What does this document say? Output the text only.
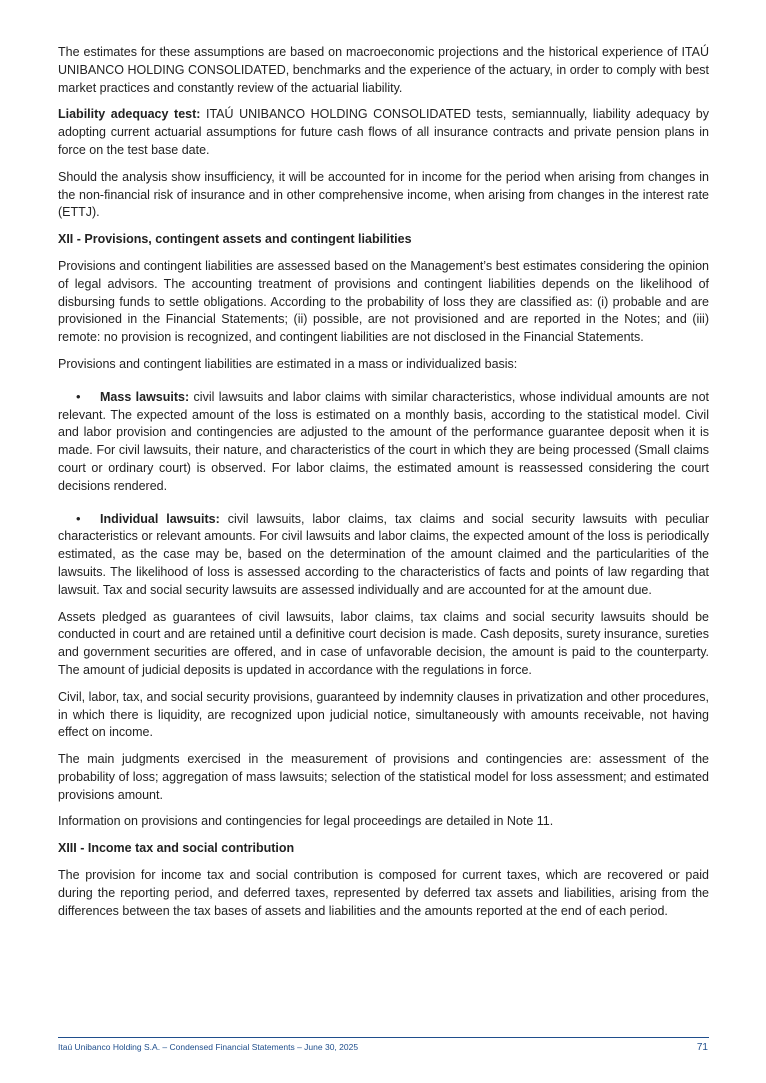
The estimates for these assumptions are based on macroeconomic projections and the historical experience of ITAÚ UNIBANCO HOLDING CONSOLIDATED, benchmarks and the experience of the actuary, in order to comply with best market practices and constantly review of the actuarial liability.

Liability adequacy test: ITAÚ UNIBANCO HOLDING CONSOLIDATED tests, semiannually, liability adequacy by adopting current actuarial assumptions for future cash flows of all insurance contracts and private pension plans in force on the test base date.

Should the analysis show insufficiency, it will be accounted for in income for the period when arising from changes in the non-financial risk of insurance and in other comprehensive income, when arising from changes in the interest rate (ETTJ).

XII - Provisions, contingent assets and contingent liabilities

Provisions and contingent liabilities are assessed based on the Management’s best estimates considering the opinion of legal advisors. The accounting treatment of provisions and contingent liabilities depends on the likelihood of disbursing funds to settle obligations. According to the probability of loss they are classified as: (i) probable and are provisioned in the Financial Statements; (ii) possible, are not provisioned and are reported in the Notes; and (iii) remote: no provision is recognized, and contingent liabilities are not disclosed in the Financial Statements.

Provisions and contingent liabilities are estimated in a mass or individualized basis:

• Mass lawsuits: civil lawsuits and labor claims with similar characteristics, whose individual amounts are not relevant. The expected amount of the loss is estimated on a monthly basis, according to the statistical model. Civil and labor provision and contingencies are adjusted to the amount of the performance guarantee deposit when it is made. For civil lawsuits, their nature, and characteristics of the court in which they are being processed (Small claims court or ordinary court) is observed. For labor claims, the estimated amount is reassessed considering the court decisions rendered.

• Individual lawsuits: civil lawsuits, labor claims, tax claims and social security lawsuits with peculiar characteristics or relevant amounts. For civil lawsuits and labor claims, the expected amount of the loss is periodically estimated, as the case may be, based on the determination of the amount claimed and the particularities of the lawsuits. The likelihood of loss is assessed according to the characteristics of facts and points of law regarding that lawsuit. Tax and social security lawsuits are assessed individually and are accounted for at the amount due.

Assets pledged as guarantees of civil lawsuits, labor claims, tax claims and social security lawsuits should be conducted in court and are retained until a definitive court decision is made. Cash deposits, surety insurance, sureties and government securities are offered, and in case of unfavorable decision, the amount is paid to the counterparty. The amount of judicial deposits is updated in accordance with the regulations in force.

Civil, labor, tax, and social security provisions, guaranteed by indemnity clauses in privatization and other procedures, in which there is liquidity, are recognized upon judicial notice, simultaneously with amounts receivable, not having effect on income.

The main judgments exercised in the measurement of provisions and contingencies are: assessment of the probability of loss; aggregation of mass lawsuits; selection of the statistical model for loss assessment; and estimated provisions amount.

Information on provisions and contingencies for legal proceedings are detailed in Note 11.

XIII - Income tax and social contribution

The provision for income tax and social contribution is composed for current taxes, which are recovered or paid during the reporting period, and deferred taxes, represented by deferred tax assets and liabilities, arising from the differences between the tax bases of assets and liabilities and the amounts reported at the end of each period.

Itaú Unibanco Holding S.A. – Condensed Financial Statements – June 30, 2025	71
